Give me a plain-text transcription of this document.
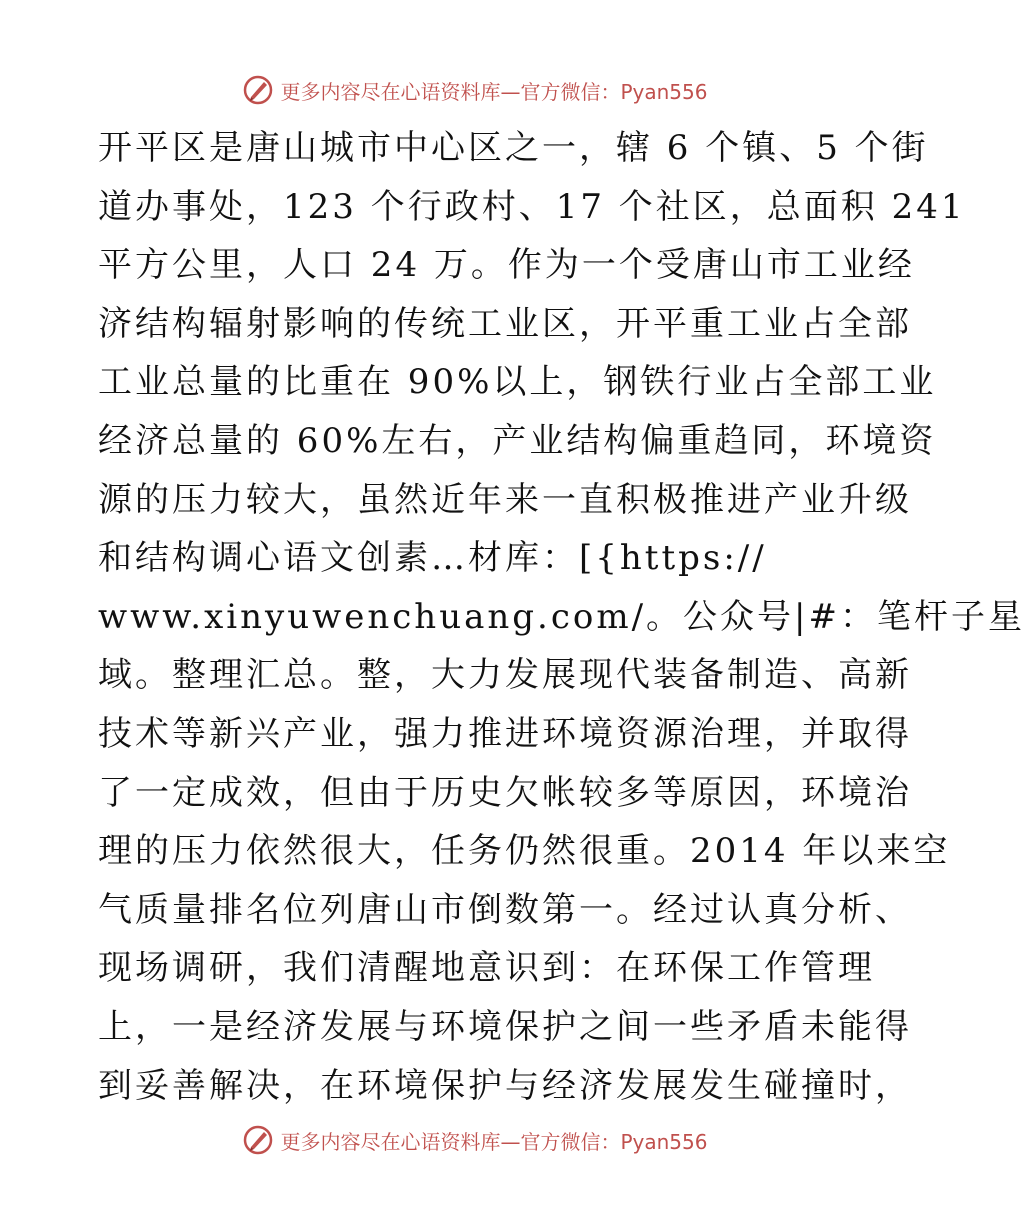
更多内容尽在心语资料库—官方微信：Pyan556
开平区是唐山城市中心区之一，辖 6 个镇、5 个街
道办事处，123 个行政村、17 个社区，总面积 241
平方公里，人口 24 万。作为一个受唐山市工业经
济结构辐射影响的传统工业区，开平重工业占全部
工业总量的比重在 90%以上，钢铁行业占全部工业
经济总量的 60%左右，产业结构偏重趋同，环境资
源的压力较大，虽然近年来一直积极推进产业升级
和结构调心语文创素…材库：[{https://
www.xinyuwenchuang.com/。公众号|#：笔杆子星
域。整理汇总。整，大力发展现代装备制造、高新
技术等新兴产业，强力推进环境资源治理，并取得
了一定成效，但由于历史欠帐较多等原因，环境治
理的压力依然很大，任务仍然很重。2014 年以来空
气质量排名位列唐山市倒数第一。经过认真分析、
现场调研，我们清醒地意识到：在环保工作管理
上，一是经济发展与环境保护之间一些矛盾未能得
到妥善解决，在环境保护与经济发展发生碰撞时，
更多内容尽在心语资料库—官方微信：Pyan556
